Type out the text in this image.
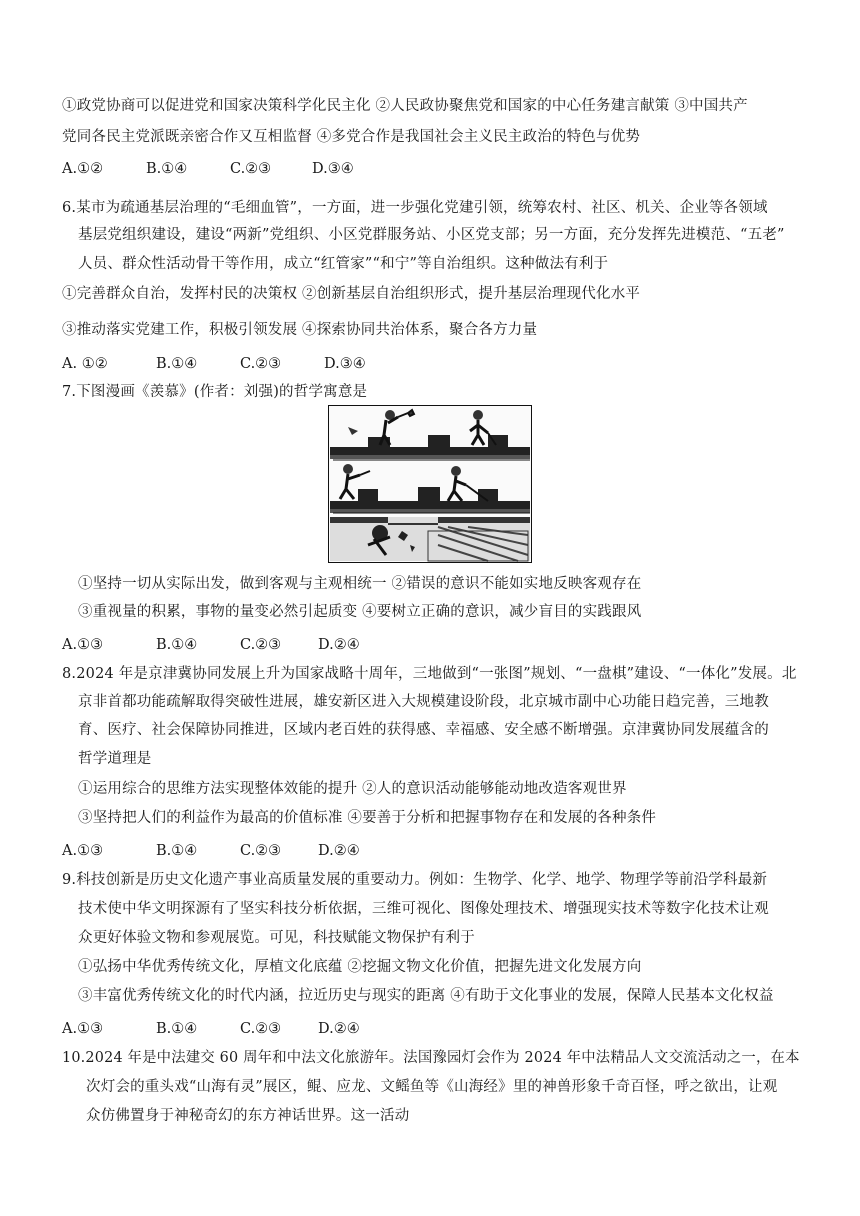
①政党协商可以促进党和国家决策科学化民主化 ②人民政协聚焦党和国家的中心任务建言献策 ③中国共产
党同各民主党派既亲密合作又互相监督 ④多党合作是我国社会主义民主政治的特色与优势
A.①②	B.①④	C.②③	D.③④
6.某市为疏通基层治理的“毛细血管”，一方面，进一步强化党建引领，统筹农村、社区、机关、企业等各领域
基层党组织建设，建设“两新”党组织、小区党群服务站、小区党支部；另一方面，充分发挥先进模范、“五老”
人员、群众性活动骨干等作用，成立“红管家”“和宁”等自治组织。这种做法有利于
①完善群众自治，发挥村民的决策权 ②创新基层自治组织形式，提升基层治理现代化水平
③推动落实党建工作，积极引领发展 ④探索协同共治体系，聚合各方力量
A. ①②	B.①④	C.②③	D.③④
7.下图漫画《羡慕》(作者：刘强)的哲学寓意是
①坚持一切从实际出发，做到客观与主观相统一 ②错误的意识不能如实地反映客观存在
③重视量的积累，事物的量变必然引起质变 ④要树立正确的意识，减少盲目的实践跟风
A.①③	B.①④	C.②③	D.②④
8.2024 年是京津冀协同发展上升为国家战略十周年，三地做到“一张图”规划、“一盘棋”建设、“一体化”发展。北
京非首都功能疏解取得突破性进展，雄安新区进入大规模建设阶段，北京城市副中心功能日趋完善，三地教
育、医疗、社会保障协同推进，区域内老百姓的获得感、幸福感、安全感不断增强。京津冀协同发展蕴含的
哲学道理是
①运用综合的思维方法实现整体效能的提升 ②人的意识活动能够能动地改造客观世界
③坚持把人们的利益作为最高的价值标准 ④要善于分析和把握事物存在和发展的各种条件
A.①③	B.①④	C.②③	D.②④
9.科技创新是历史文化遗产事业高质量发展的重要动力。例如：生物学、化学、地学、物理学等前沿学科最新
技术使中华文明探源有了坚实科技分析依据，三维可视化、图像处理技术、增强现实技术等数字化技术让观
众更好体验文物和参观展览。可见，科技赋能文物保护有利于
①弘扬中华优秀传统文化，厚植文化底蕴 ②挖掘文物文化价值，把握先进文化发展方向
③丰富优秀传统文化的时代内涵，拉近历史与现实的距离 ④有助于文化事业的发展，保障人民基本文化权益
A.①③	B.①④	C.②③	D.②④
10.2024 年是中法建交 60 周年和中法文化旅游年。法国豫园灯会作为 2024 年中法精品人文交流活动之一，在本
次灯会的重头戏“山海有灵”展区，鲲、应龙、文鳐鱼等《山海经》里的神兽形象千奇百怪，呼之欲出，让观
众仿佛置身于神秘奇幻的东方神话世界。这一活动
